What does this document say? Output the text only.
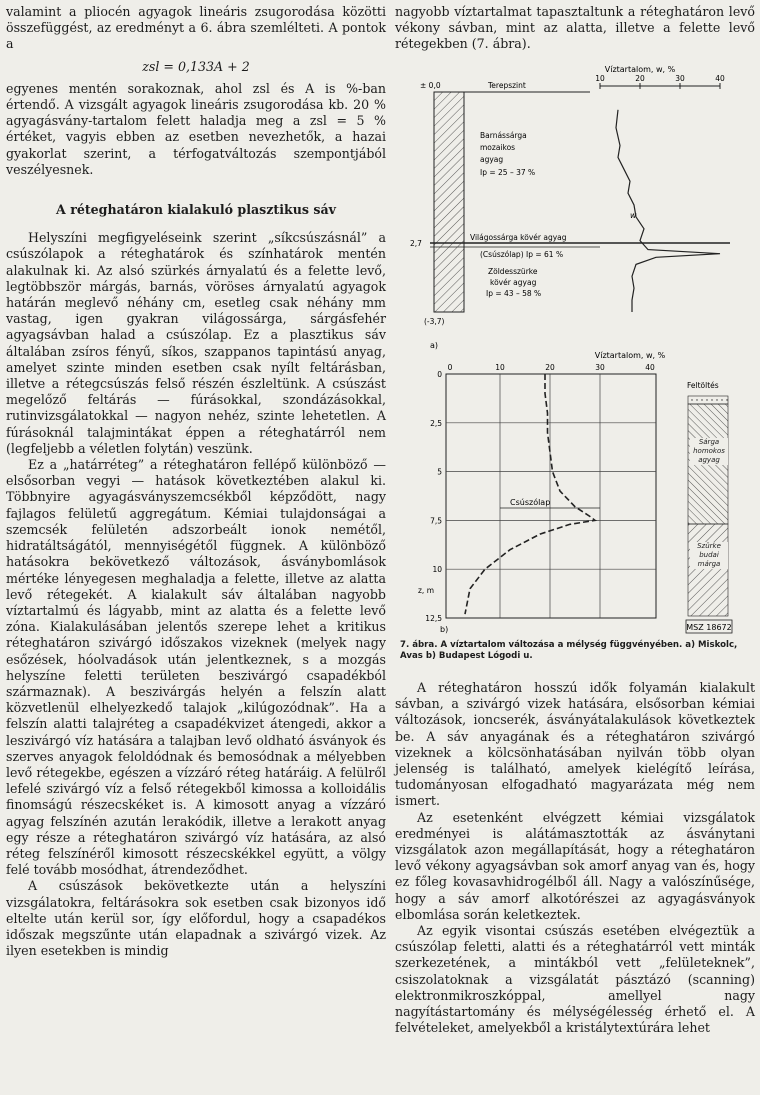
valamint a pliocén agyagok lineáris zsugorodása közötti összefüggést, az eredményt a 6. ábra szemlélteti. A pontok a

zsl = 0,133A + 2

egyenes mentén sorakoznak, ahol zsl és A is %-ban értendő. A vizsgált agyagok lineáris zsugorodása kb. 20 % agyagásvány-tartalom felett haladja meg a zsl = 5 % értéket, vagyis ebben az esetben nevezhetők, a hazai gyakorlat szerint, a térfogatváltozás szempontjából veszélyesnek.

A réteghatáron kialakuló plasztikus sáv

Helyszíni megfigyeléseink szerint „síkcsúszásnál” a csúszólapok a réteghatárok és színhatárok mentén alakulnak ki. Az alsó szürkés árnyalatú és a felette levő, legtöbbször márgás, barnás, vöröses árnyalatú agyagok határán meglevő néhány cm, esetleg csak néhány mm vastag, igen gyakran világossárga, sárgásfehér agyagsávban halad a csúszólap. Ez a plasztikus sáv általában zsíros fényű, síkos, szappanos tapintású anyag, amelyet szinte minden esetben csak nyílt feltárásban, illetve a rétegcsúszás felső részén észleltünk. A csúszást megelőző feltárás — fúrásokkal, szondázásokkal, rutinvizsgálatokkal — nagyon nehéz, szinte lehetetlen. A fúrásoknál talajmintákat éppen a réteghatárról nem (legfeljebb a véletlen folytán) veszünk.

Ez a „határréteg” a réteghatáron fellépő különböző — elsősorban vegyi — hatások következtében alakul ki. Többnyire agyagásványszemcsékből képződött, nagy fajlagos felületű aggregátum. Kémiai tulajdonságai a szemcsék felületén adszorbeált ionok nemétől, hidratáltságától, mennyiségétől függnek. A különböző hatásokra bekövetkező változások, ásványbomlások mértéke lényegesen meghaladja a felette, illetve az alatta levő rétegekét. A kialakult sáv általában nagyobb víztartalmú és lágyabb, mint az alatta és a felette levő zóna. Kialakulásában jelentős szerepe lehet a kritikus réteghatáron szivárgó időszakos vizeknek (melyek nagy esőzések, hóolvadások után jelentkeznek, s a mozgás helyszíne feletti területen beszivárgó csapadékból származnak). A beszivárgás helyén a felszín alatt közvetlenül elhelyezkedő talajok „kilúgozódnak”. Ha a felszín alatti talajréteg a csapadékvizet átengedi, akkor a leszivárgó víz hatására a talajban levő oldható ásványok és szerves anyagok feloldódnak és bemosódnak a mélyebben levő rétegekbe, egészen a vízzáró réteg határáig. A felülről lefelé szivárgó víz a felső rétegekből kimossa a kolloidális finomságú részecskéket is. A kimosott anyag a vízzáró agyag felszínén azután lerakódik, illetve a lerakott anyag egy része a réteghatáron szivárgó víz hatására, az alsó réteg felszínéről kimosott részecskékkel együtt, a völgy felé tovább mosódhat, átrendeződhet.

A csúszások bekövetkezte után a helyszíni vizsgálatokra, feltárásokra sok esetben csak bizonyos idő eltelte után kerül sor, így előfordul, hogy a csapadékos időszak megszűnte után elapadnak a szivárgó vizek. Az ilyen esetekben is mindig

nagyobb víztartalmat tapasztaltunk a réteghatáron levő vékony sávban, mint az alatta, illetve a felette levő rétegekben (7. ábra).

Víztartalom, w, %
10	20	30	40
Terepszint
± 0,0
Barnássárga
mozaikos
agyag
Ip = 25 – 37 %
2,7
Világossárga kövér agyag
(Csúszólap) Ip = 61 %
Zöldesszürke
kövér agyag
Ip = 43 – 58 %
(-3,7)
w
a)
Víztartalom, w, %
0	10	20	30	40
0
2,5
5
7,5
10
12,5
z, m
Csúszólap
Feltöltés
Sárga homokos agyag
Szürke budai márga
b)	MSZ 18672
7. ábra. A víztartalom változása a mélység függvényében. a) Miskolc, Avas b) Budapest Lógodi u.

A réteghatáron hosszú idők folyamán kialakult sávban, a szivárgó vizek hatására, elsősorban kémiai változások, ioncserék, ásványátalakulások következtek be. A sáv anyagának és a réteghatáron szivárgó vizeknek a kölcsönhatásában nyilván több olyan jelenség is található, amelyek kielégítő leírása, tudományosan elfogadható magyarázata még nem ismert.

Az esetenként elvégzett kémiai vizsgálatok eredményei is alátámasztották az ásványtani vizsgálatok azon megállapítását, hogy a réteghatáron levő vékony agyagsávban sok amorf anyag van és, hogy ez főleg kovasavhidrogélből áll. Nagy a valószínűsége, hogy a sáv amorf alkotórészei az agyagásványok elbomlása során keletkeztek.

Az egyik visontai csúszás esetében elvégeztük a csúszólap feletti, alatti és a réteghatárról vett minták szerkezetének, a mintákból vett „felületeknek”, csiszolatoknak a vizsgálatát pásztázó (scanning) elektronmikroszkóppal, amellyel nagy nagyítástartomány és mélységélesség érhető el. A felvételeket, amelyekből a kristálytextúrára lehet
